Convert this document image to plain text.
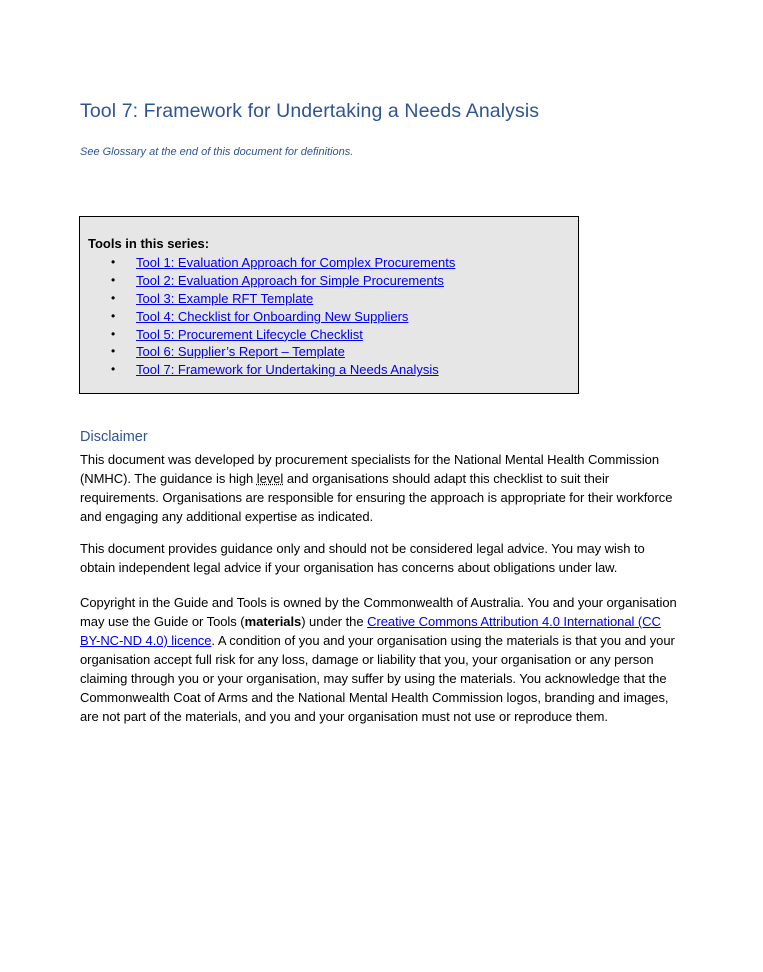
Tool 7: Framework for Undertaking a Needs Analysis

See Glossary at the end of this document for definitions.

Tools in this series:

• Tool 1: Evaluation Approach for Complex Procurements
• Tool 2: Evaluation Approach for Simple Procurements
• Tool 3: Example RFT Template
• Tool 4: Checklist for Onboarding New Suppliers
• Tool 5: Procurement Lifecycle Checklist
• Tool 6: Supplier’s Report – Template
• Tool 7: Framework for Undertaking a Needs Analysis
Disclaimer

This document was developed by procurement specialists for the National Mental Health Commission (NMHC). The guidance is high level and organisations should adapt this checklist to suit their requirements. Organisations are responsible for ensuring the approach is appropriate for their workforce and engaging any additional expertise as indicated.

This document provides guidance only and should not be considered legal advice. You may wish to obtain independent legal advice if your organisation has concerns about obligations under law.

Copyright in the Guide and Tools is owned by the Commonwealth of Australia. You and your organisation may use the Guide or Tools (materials) under the Creative Commons Attribution 4.0 International (CC BY-NC-ND 4.0) licence. A condition of you and your organisation using the materials is that you and your organisation accept full risk for any loss, damage or liability that you, your organisation or any person claiming through you or your organisation, may suffer by using the materials. You acknowledge that the Commonwealth Coat of Arms and the National Mental Health Commission logos, branding and images, are not part of the materials, and you and your organisation must not use or reproduce them.
